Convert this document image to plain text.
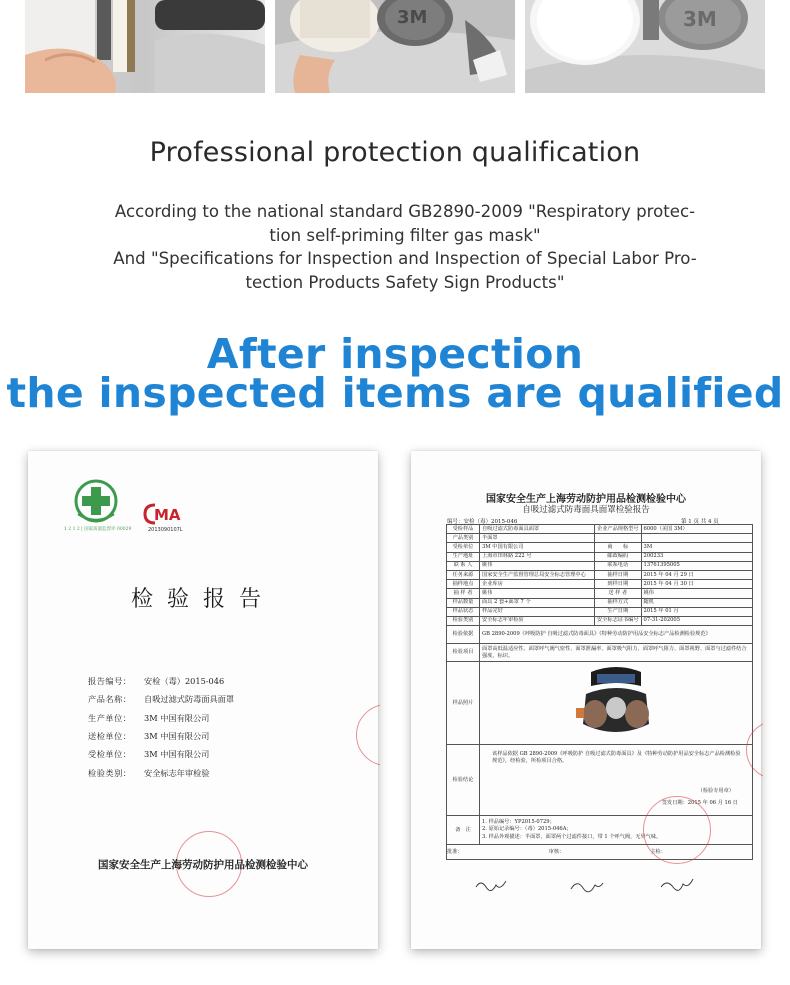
3M	3M
Professional protection qualification
According to the national standard GB2890-2009 "Respiratory protec-
tion self-priming filter gas mask"
And "Specifications for Inspection and Inspection of Special Labor Pro-
tection Products Safety Sign Products"
After inspection
the inspected items are qualified
1 2 1 2 | 国家质量监督评 00029
MA
2013090107L
检验报告
报告编号： 安检（毒）2015-046
产品名称： 自吸过滤式防毒面具面罩
生产单位： 3M 中国有限公司
送检单位： 3M 中国有限公司
受检单位： 3M 中国有限公司
检验类别： 安全标志年审检验
国家安全生产上海劳动防护用品检测检验中心
国家安全生产上海劳动防护用品检测检验中心
自吸过滤式防毒面具面罩检验报告
编号：安检（毒）2015-046	第 1 页 共 4 页
受检样品	自吸过滤式防毒面具面罩	企业产品规格型号	6000（美国 3M）
产品类别	半面罩		
受检单位	3M 中国有限公司	商　　标	3M
生产地址	上海市田林路 222 号	邮政编码	200233
联 系 人	姚伟	联系电话	13761395005
任务来源	国家安全生产监督管理总局安全标志管理中心	抽样日期	2015 年 04 月 29 日
抽样地点	企业库房	到样日期	2015 年 04 月 30 日
抽 样 者	姚伟	送 样 者	姚伟
样品数量	面具 2 套+面罩 7 个	抽样方式	随机
样品状态	样品完好	生产日期	2015 年 01 月
检验类别	安全标志年审检验	安全标志证书编号	07-31-202005
检验依据	GB 2890-2009《呼吸防护 自吸过滤式防毒面具》《特种劳动防护用品安全标志产品检测检验规范》		
检验项目	面罩高低温适应性、面罩呼气阀气密性、面罩泄漏率、面罩吸气阻力、面罩呼气阻力、面罩视野、面罩与过滤件结合强度、标识。		
样品照片	
检验结论	该样品依据 GB 2890-2009《呼吸防护 自吸过滤式防毒面具》及《特种劳动防护用品安全标志产品检测检验规范》，经检验，所检项目合格。
（检验专用章）
签发日期：2015 年 06 月 16 日		

备　注	1. 样品编号：YP2015-0729；
2. 原始记录编号：（毒）2015-046A；
3. 样品外观描述：半面罩，面罩两个过滤件接口，带 1 个呼气阀，无异气味。		

批准： 审核： 主检：			
